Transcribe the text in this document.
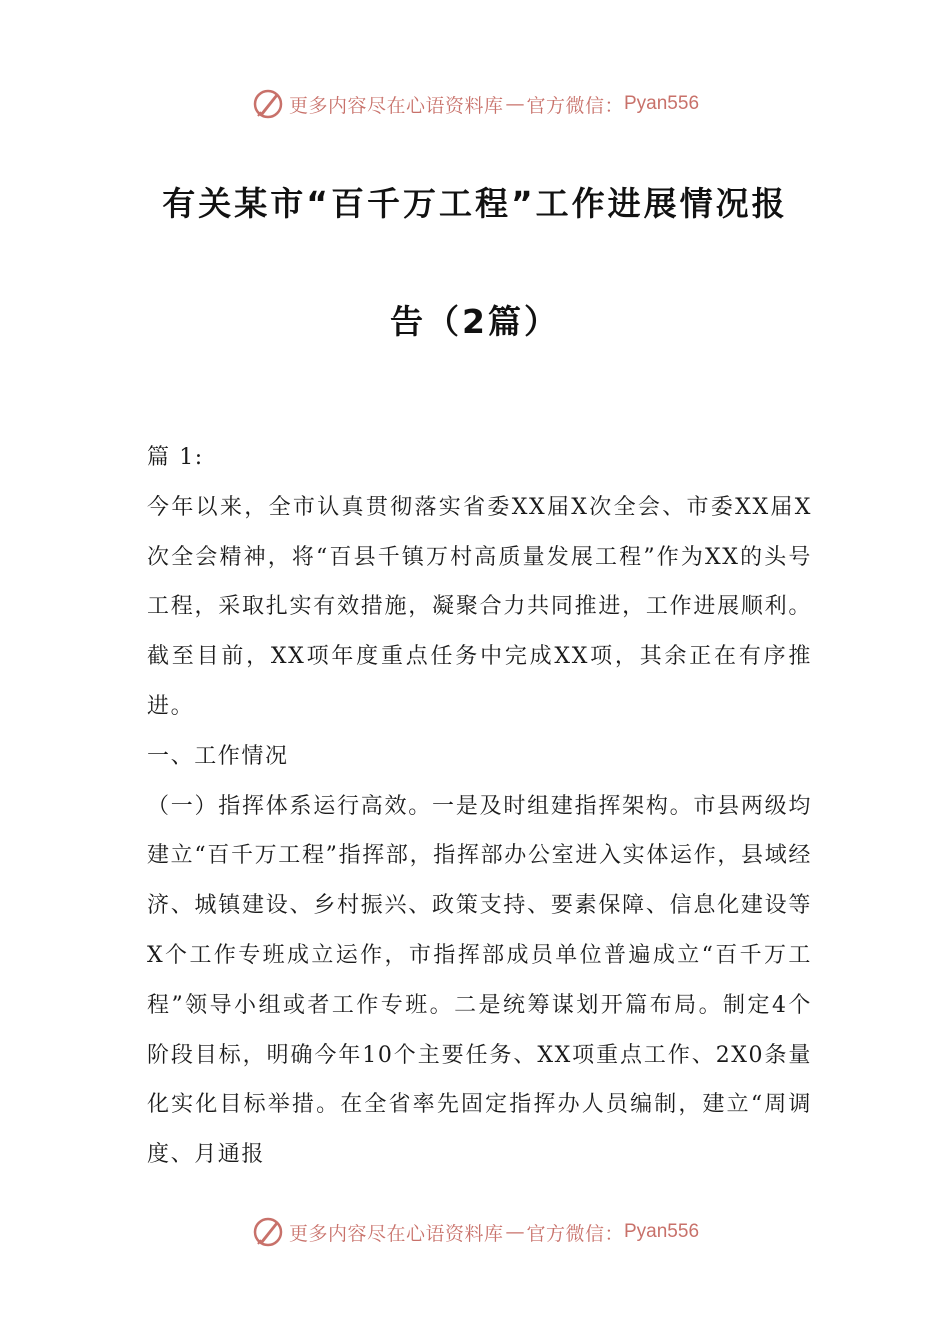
更多内容尽在心语资料库 — 官方微信： Pyan556
有关某市“百千万工程”工作进展情况报
告（2篇）

篇 1:

今年以来，全市认真贯彻落实省委XX届X次全会、市委XX届X次全会精神，将“百县千镇万村高质量发展工程”作为XX的头号工程，采取扎实有效措施，凝聚合力共同推进，工作进展顺利。截至目前，XX项年度重点任务中完成XX项，其余正在有序推进。

一、工作情况

（一）指挥体系运行高效。一是及时组建指挥架构。市县两级均建立“百千万工程”指挥部，指挥部办公室进入实体运作，县域经济、城镇建设、乡村振兴、政策支持、要素保障、信息化建设等X个工作专班成立运作，市指挥部成员单位普遍成立“百千万工程”领导小组或者工作专班。二是统筹谋划开篇布局。制定4个阶段目标，明确今年10个主要任务、XX项重点工作、2X0条量化实化目标举措。在全省率先固定指挥办人员编制，建立“周调度、月通报

更多内容尽在心语资料库 — 官方微信： Pyan556
